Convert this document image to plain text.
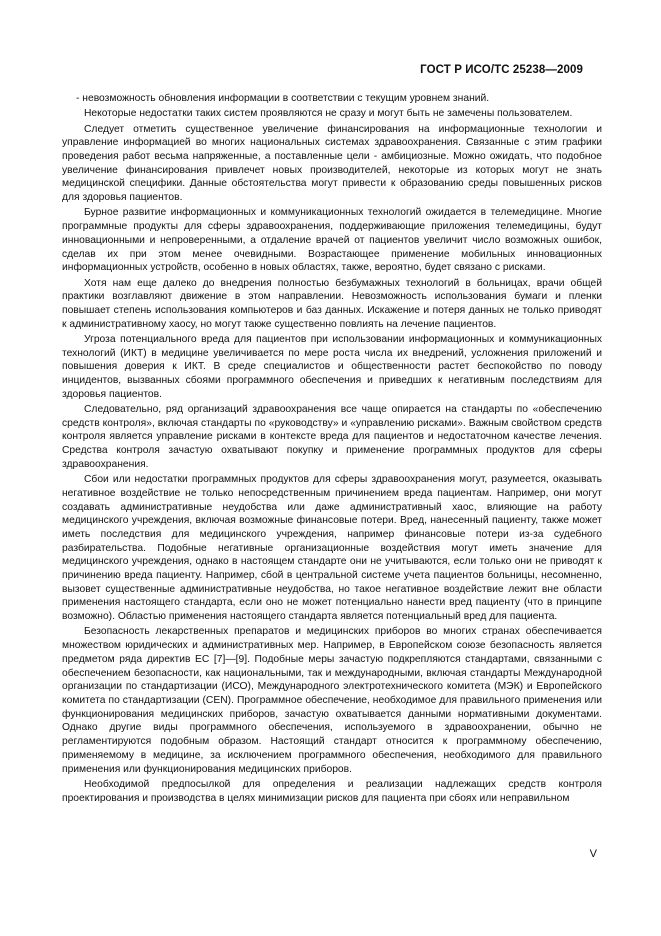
ГОСТ Р ИСО/ТС 25238—2009

- невозможность обновления информации в соответствии с текущим уровнем знаний.

Некоторые недостатки таких систем проявляются не сразу и могут быть не замечены пользователем.

Следует отметить существенное увеличение финансирования на информационные технологии и управление информацией во многих национальных системах здравоохранения. Связанные с этим графики проведения работ весьма напряженные, а поставленные цели - амбициозные. Можно ожидать, что подобное увеличение финансирования привлечет новых производителей, некоторые из которых могут не знать медицинской специфики. Данные обстоятельства могут привести к образованию среды повышенных рисков для здоровья пациентов.

Бурное развитие информационных и коммуникационных технологий ожидается в телемедицине. Многие программные продукты для сферы здравоохранения, поддерживающие приложения телемедицины, будут инновационными и непроверенными, а отдаление врачей от пациентов увеличит число возможных ошибок, сделав их при этом менее очевидными. Возрастающее применение мобильных инновационных информационных устройств, особенно в новых областях, также, вероятно, будет связано с рисками.

Хотя нам еще далеко до внедрения полностью безбумажных технологий в больницах, врачи общей практики возглавляют движение в этом направлении. Невозможность использования бумаги и пленки повышает степень использования компьютеров и баз данных. Искажение и потеря данных не только приводят к административному хаосу, но могут также существенно повлиять на лечение пациентов.

Угроза потенциального вреда для пациентов при использовании информационных и коммуникационных технологий (ИКТ) в медицине увеличивается по мере роста числа их внедрений, усложнения приложений и повышения доверия к ИКТ. В среде специалистов и общественности растет беспокойство по поводу инцидентов, вызванных сбоями программного обеспечения и приведших к негативным последствиям для здоровья пациентов.

Следовательно, ряд организаций здравоохранения все чаще опирается на стандарты по «обеспечению средств контроля», включая стандарты по «руководству» и «управлению рисками». Важным свойством средств контроля является управление рисками в контексте вреда для пациентов и недостаточном качестве лечения. Средства контроля зачастую охватывают покупку и применение программных продуктов для сферы здравоохранения.

Сбои или недостатки программных продуктов для сферы здравоохранения могут, разумеется, оказывать негативное воздействие не только непосредственным причинением вреда пациентам. Например, они могут создавать административные неудобства или даже административный хаос, влияющие на работу медицинского учреждения, включая возможные финансовые потери. Вред, нанесенный пациенту, также может иметь последствия для медицинского учреждения, например финансовые потери из-за судебного разбирательства. Подобные негативные организационные воздействия могут иметь значение для медицинского учреждения, однако в настоящем стандарте они не учитываются, если только они не приводят к причинению вреда пациенту. Например, сбой в центральной системе учета пациентов больницы, несомненно, вызовет существенные административные неудобства, но такое негативное воздействие лежит вне области применения настоящего стандарта, если оно не может потенциально нанести вред пациенту (что в принципе возможно). Областью применения настоящего стандарта является потенциальный вред для пациента.

Безопасность лекарственных препаратов и медицинских приборов во многих странах обеспечивается множеством юридических и административных мер. Например, в Европейском союзе безопасность является предметом ряда директив ЕС [7]—[9]. Подобные меры зачастую подкрепляются стандартами, связанными с обеспечением безопасности, как национальными, так и международными, включая стандарты Международной организации по стандартизации (ИСО), Международного электротехнического комитета (МЭК) и Европейского комитета по стандартизации (CEN). Программное обеспечение, необходимое для правильного применения или функционирования медицинских приборов, зачастую охватывается данными нормативными документами. Однако другие виды программного обеспечения, используемого в здравоохранении, обычно не регламентируются подобным образом. Настоящий стандарт относится к программному обеспечению, применяемому в медицине, за исключением программного обеспечения, необходимого для правильного применения или функционирования медицинских приборов.

Необходимой предпосылкой для определения и реализации надлежащих средств контроля проектирования и производства в целях минимизации рисков для пациента при сбоях или неправильном

V
